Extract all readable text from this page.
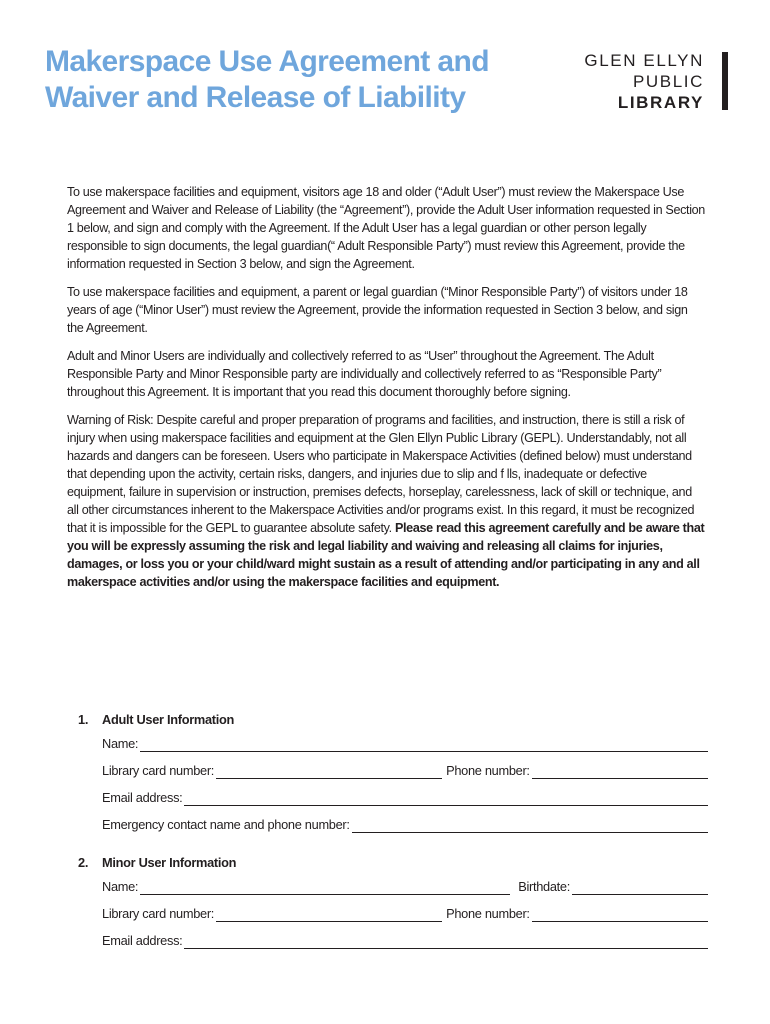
Makerspace Use Agreement and
Waiver and Release of Liability
GLEN ELLYN
PUBLIC
LIBRARY

To use makerspace facilities and equipment, visitors age 18 and older (“Adult User”) must review the Makerspace Use Agreement and Waiver and Release of Liability (the “Agreement”), provide the Adult User information requested in Section 1 below, and sign and comply with the Agreement. If the Adult User has a legal guardian or other person legally responsible to sign documents, the legal guardian(“ Adult Responsible Party”) must review this Agreement, provide the information requested in Section 3 below, and sign the Agreement.

To use makerspace facilities and equipment, a parent or legal guardian (“Minor Responsible Party”) of visitors under 18 years of age (“Minor User”) must review the Agreement, provide the information requested in Section 3 below, and sign the Agreement.

Adult and Minor Users are individually and collectively referred to as “User” throughout the Agreement. The Adult Responsible Party and Minor Responsible party are individually and collectively referred to as “Responsible Party” throughout this Agreement. It is important that you read this document thoroughly before signing.

Warning of Risk: Despite careful and proper preparation of programs and facilities, and instruction, there is still a risk of injury when using makerspace facilities and equipment at the Glen Ellyn Public Library (GEPL). Understandably, not all hazards and dangers can be foreseen. Users who participate in Makerspace Activities (defined below) must understand that depending upon the activity, certain risks, dangers, and injuries due to slip and f lls, inadequate or defective equipment, failure in supervision or instruction, premises defects, horseplay, carelessness, lack of skill or technique, and all other circumstances inherent to the Makerspace Activities and/or programs exist. In this regard, it must be recognized that it is impossible for the GEPL to guarantee absolute safety. Please read this agreement carefully and be aware that you will be expressly assuming the risk and legal liability and waiving and releasing all claims for injuries, damages, or loss you or your child/ward might sustain as a result of attending and/or participating in any and all makerspace activities and/or using the makerspace facilities and equipment.

1. Adult User Information
Name:
Library card number:	Phone number:
Email address:
Emergency contact name and phone number:
2. Minor User Information
Name:	Birthdate:
Library card number:	Phone number:
Email address:
